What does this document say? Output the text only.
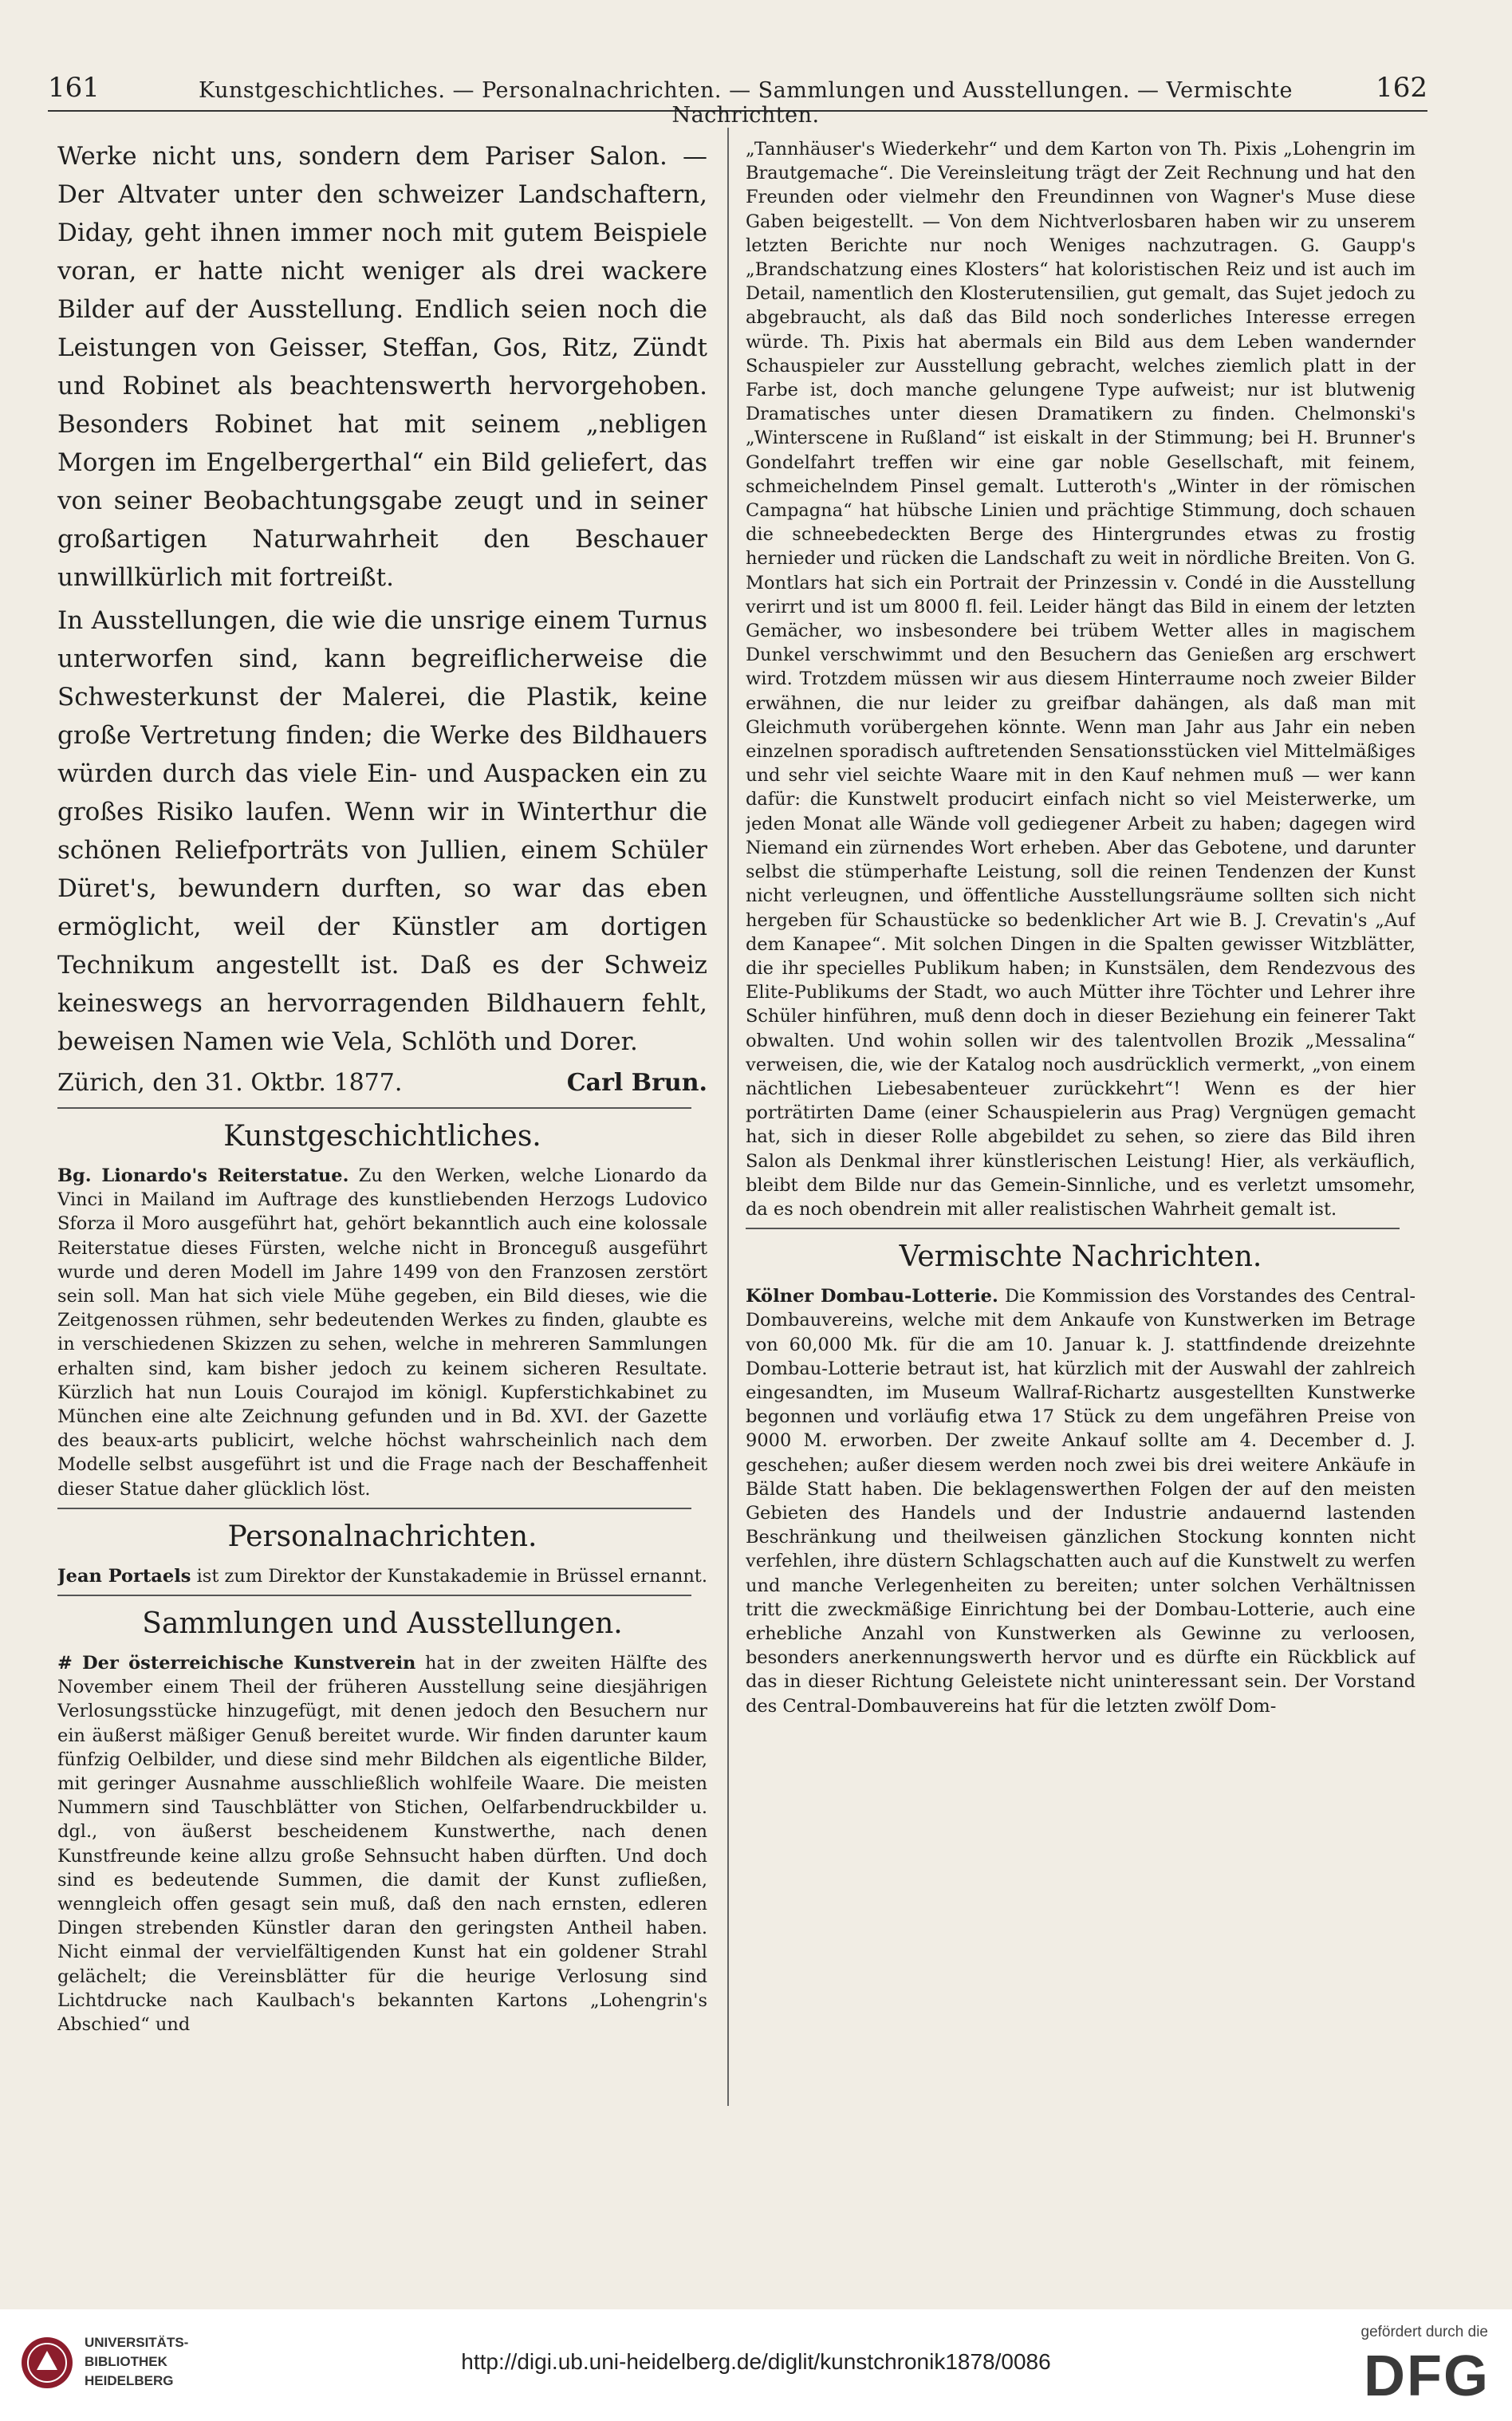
161	Kunstgeschichtliches. — Personalnachrichten. — Sammlungen und Ausstellungen. — Vermischte Nachrichten.
162

Werke nicht uns, sondern dem Pariser Salon. — Der Altvater unter den schweizer Landschaftern, Diday, geht ihnen immer noch mit gutem Beispiele voran, er hatte nicht weniger als drei wackere Bilder auf der Ausstellung. Endlich seien noch die Leistungen von Geisser, Steffan, Gos, Ritz, Zündt und Robinet als beachtenswerth hervorgehoben. Besonders Robinet hat mit seinem „nebligen Morgen im Engelbergerthal“ ein Bild geliefert, das von seiner Beobachtungsgabe zeugt und in seiner großartigen Naturwahrheit den Beschauer unwillkürlich mit fortreißt.

In Ausstellungen, die wie die unsrige einem Turnus unterworfen sind, kann begreiflicherweise die Schwesterkunst der Malerei, die Plastik, keine große Vertretung finden; die Werke des Bildhauers würden durch das viele Ein- und Auspacken ein zu großes Risiko laufen. Wenn wir in Winterthur die schönen Reliefporträts von Jullien, einem Schüler Düret's, bewundern durften, so war das eben ermöglicht, weil der Künstler am dortigen Technikum angestellt ist. Daß es der Schweiz keineswegs an hervorragenden Bildhauern fehlt, beweisen Namen wie Vela, Schlöth und Dorer.

Zürich, den 31. Oktbr. 1877.	Carl Brun.
Kunstgeschichtliches.

Bg. Lionardo's Reiterstatue. Zu den Werken, welche Lionardo da Vinci in Mailand im Auftrage des kunstliebenden Herzogs Ludovico Sforza il Moro ausgeführt hat, gehört bekanntlich auch eine kolossale Reiterstatue dieses Fürsten, welche nicht in Bronceguß ausgeführt wurde und deren Modell im Jahre 1499 von den Franzosen zerstört sein soll. Man hat sich viele Mühe gegeben, ein Bild dieses, wie die Zeitgenossen rühmen, sehr bedeutenden Werkes zu finden, glaubte es in verschiedenen Skizzen zu sehen, welche in mehreren Sammlungen erhalten sind, kam bisher jedoch zu keinem sicheren Resultate. Kürzlich hat nun Louis Courajod im königl. Kupferstichkabinet zu München eine alte Zeichnung gefunden und in Bd. XVI. der Gazette des beaux-arts publicirt, welche höchst wahrscheinlich nach dem Modelle selbst ausgeführt ist und die Frage nach der Beschaffenheit dieser Statue daher glücklich löst.

Personalnachrichten.

Jean Portaels ist zum Direktor der Kunstakademie in Brüssel ernannt.

Sammlungen und Ausstellungen.

# Der österreichische Kunstverein hat in der zweiten Hälfte des November einem Theil der früheren Ausstellung seine diesjährigen Verlosungsstücke hinzugefügt, mit denen jedoch den Besuchern nur ein äußerst mäßiger Genuß bereitet wurde. Wir finden darunter kaum fünfzig Oelbilder, und diese sind mehr Bildchen als eigentliche Bilder, mit geringer Ausnahme ausschließlich wohlfeile Waare. Die meisten Nummern sind Tauschblätter von Stichen, Oelfarbendruckbilder u. dgl., von äußerst bescheidenem Kunstwerthe, nach denen Kunstfreunde keine allzu große Sehnsucht haben dürften. Und doch sind es bedeutende Summen, die damit der Kunst zufließen, wenngleich offen gesagt sein muß, daß den nach ernsten, edleren Dingen strebenden Künstler daran den geringsten Antheil haben. Nicht einmal der vervielfältigenden Kunst hat ein goldener Strahl gelächelt; die Vereinsblätter für die heurige Verlosung sind Lichtdrucke nach Kaulbach's bekannten Kartons „Lohengrin's Abschied“ und

„Tannhäuser's Wiederkehr“ und dem Karton von Th. Pixis „Lohengrin im Brautgemache“. Die Vereinsleitung trägt der Zeit Rechnung und hat den Freunden oder vielmehr den Freundinnen von Wagner's Muse diese Gaben beigestellt. — Von dem Nichtverlosbaren haben wir zu unserem letzten Berichte nur noch Weniges nachzutragen. G. Gaupp's „Brandschatzung eines Klosters“ hat koloristischen Reiz und ist auch im Detail, namentlich den Klosterutensilien, gut gemalt, das Sujet jedoch zu abgebraucht, als daß das Bild noch sonderliches Interesse erregen würde. Th. Pixis hat abermals ein Bild aus dem Leben wandernder Schauspieler zur Ausstellung gebracht, welches ziemlich platt in der Farbe ist, doch manche gelungene Type aufweist; nur ist blutwenig Dramatisches unter diesen Dramatikern zu finden. Chelmonski's „Winterscene in Rußland“ ist eiskalt in der Stimmung; bei H. Brunner's Gondelfahrt treffen wir eine gar noble Gesellschaft, mit feinem, schmeichelndem Pinsel gemalt. Lutteroth's „Winter in der römischen Campagna“ hat hübsche Linien und prächtige Stimmung, doch schauen die schneebedeckten Berge des Hintergrundes etwas zu frostig hernieder und rücken die Landschaft zu weit in nördliche Breiten. Von G. Montlars hat sich ein Portrait der Prinzessin v. Condé in die Ausstellung verirrt und ist um 8000 fl. feil. Leider hängt das Bild in einem der letzten Gemächer, wo insbesondere bei trübem Wetter alles in magischem Dunkel verschwimmt und den Besuchern das Genießen arg erschwert wird. Trotzdem müssen wir aus diesem Hinterraume noch zweier Bilder erwähnen, die nur leider zu greifbar dahängen, als daß man mit Gleichmuth vorübergehen könnte. Wenn man Jahr aus Jahr ein neben einzelnen sporadisch auftretenden Sensationsstücken viel Mittelmäßiges und sehr viel seichte Waare mit in den Kauf nehmen muß — wer kann dafür: die Kunstwelt producirt einfach nicht so viel Meisterwerke, um jeden Monat alle Wände voll gediegener Arbeit zu haben; dagegen wird Niemand ein zürnendes Wort erheben. Aber das Gebotene, und darunter selbst die stümperhafte Leistung, soll die reinen Tendenzen der Kunst nicht verleugnen, und öffentliche Ausstellungsräume sollten sich nicht hergeben für Schaustücke so bedenklicher Art wie B. J. Crevatin's „Auf dem Kanapee“. Mit solchen Dingen in die Spalten gewisser Witzblätter, die ihr specielles Publikum haben; in Kunstsälen, dem Rendezvous des Elite-Publikums der Stadt, wo auch Mütter ihre Töchter und Lehrer ihre Schüler hinführen, muß denn doch in dieser Beziehung ein feinerer Takt obwalten. Und wohin sollen wir des talentvollen Brozik „Messalina“ verweisen, die, wie der Katalog noch ausdrücklich vermerkt, „von einem nächtlichen Liebesabenteuer zurückkehrt“! Wenn es der hier porträtirten Dame (einer Schauspielerin aus Prag) Vergnügen gemacht hat, sich in dieser Rolle abgebildet zu sehen, so ziere das Bild ihren Salon als Denkmal ihrer künstlerischen Leistung! Hier, als verkäuflich, bleibt dem Bilde nur das Gemein-Sinnliche, und es verletzt umsomehr, da es noch obendrein mit aller realistischen Wahrheit gemalt ist.

Vermischte Nachrichten.

Kölner Dombau-Lotterie. Die Kommission des Vorstandes des Central-Dombauvereins, welche mit dem Ankaufe von Kunstwerken im Betrage von 60,000 Mk. für die am 10. Januar k. J. stattfindende dreizehnte Dombau-Lotterie betraut ist, hat kürzlich mit der Auswahl der zahlreich eingesandten, im Museum Wallraf-Richartz ausgestellten Kunstwerke begonnen und vorläufig etwa 17 Stück zu dem ungefähren Preise von 9000 M. erworben. Der zweite Ankauf sollte am 4. December d. J. geschehen; außer diesem werden noch zwei bis drei weitere Ankäufe in Bälde Statt haben. Die beklagenswerthen Folgen der auf den meisten Gebieten des Handels und der Industrie andauernd lastenden Beschränkung und theilweisen gänzlichen Stockung konnten nicht verfehlen, ihre düstern Schlagschatten auch auf die Kunstwelt zu werfen und manche Verlegenheiten zu bereiten; unter solchen Verhältnissen tritt die zweckmäßige Einrichtung bei der Dombau-Lotterie, auch eine erhebliche Anzahl von Kunstwerken als Gewinne zu verloosen, besonders anerkennungswerth hervor und es dürfte ein Rückblick auf das in dieser Richtung Geleistete nicht uninteressant sein. Der Vorstand des Central-Dombauvereins hat für die letzten zwölf Dom-

UNIVERSITÄTS-
BIBLIOTHEK
HEIDELBERG
http://digi.ub.uni-heidelberg.de/diglit/kunstchronik1878/0086
gefördert durch die
DFG
